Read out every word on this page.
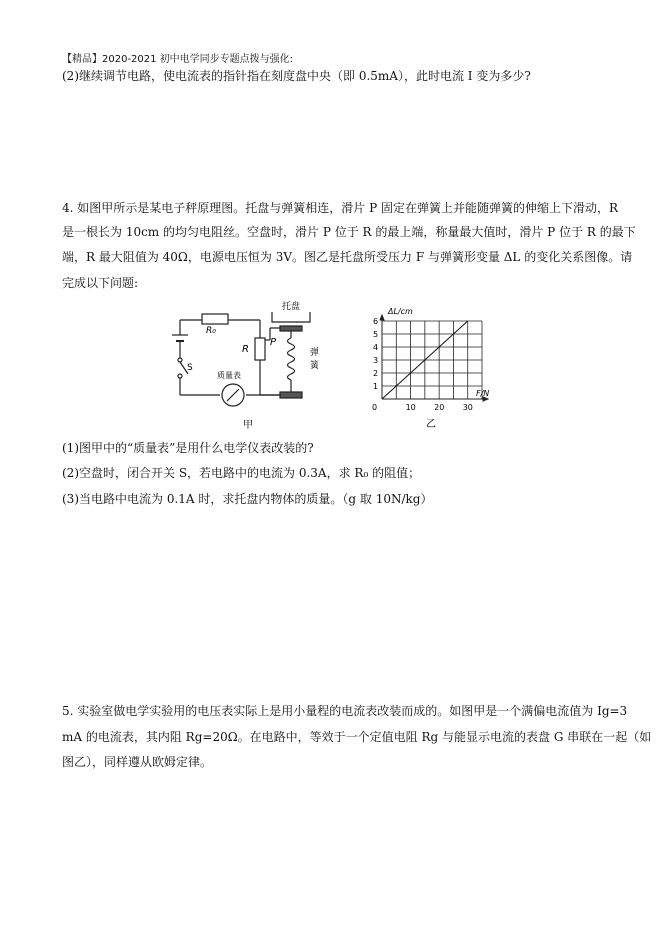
【精品】2020-2021 初中电学同步专题点拨与强化:
(2)继续调节电路，使电流表的指针指在刻度盘中央（即 0.5mA），此时电流 I 变为多少?
4. 如图甲所示是某电子秤原理图。托盘与弹簧相连，滑片 P 固定在弹簧上并能随弹簧的伸缩上下滑动，R
是一根长为 10cm 的均匀电阻丝。空盘时，滑片 P 位于 R 的最上端，称量最大值时，滑片 P 位于 R 的最下
端，R 最大阻值为 40Ω，电源电压恒为 3V。图乙是托盘所受压力 F 与弹簧形变量 ΔL 的变化关系图像。请
完成以下问题:
R₀
R
P
S
质量表
托盘
弹
簧
甲
1
2
3
4
5
6
0	10 20 30
ΔL/cm
F/N
乙
(1)图甲中的“质量表”是用什么电学仪表改装的?
(2)空盘时，闭合开关 S，若电路中的电流为 0.3A，求 R₀ 的阻值；
(3)当电路中电流为 0.1A 时，求托盘内物体的质量。（g 取 10N/kg）
5. 实验室做电学实验用的电压表实际上是用小量程的电流表改装而成的。如图甲是一个满偏电流值为 Ig=3
mA 的电流表，其内阻 Rg=20Ω。在电路中，等效于一个定值电阻 Rg 与能显示电流的表盘 G 串联在一起（如
图乙），同样遵从欧姆定律。
